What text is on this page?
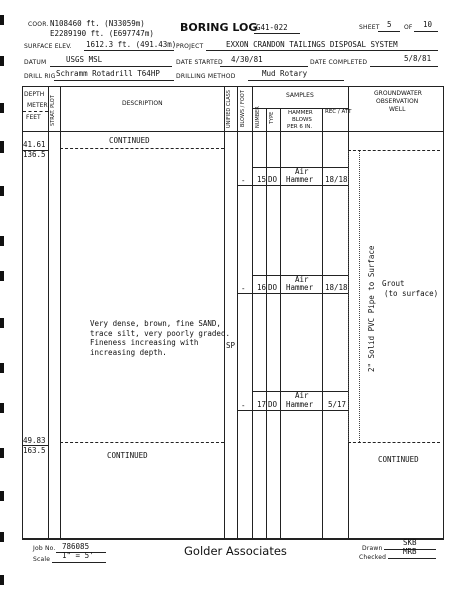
COOR. N108460 ft. (N33059m)
E2289190 ft. (E697747m) BORING LOG
G41-022	SHEET 5 OF 10
SURFACE ELEV. 1612.3 ft. (491.43m) PROJECT	EXXON CRANDON TAILINGS DISPOSAL SYSTEM
DATUM	USGS MSL	DATE STARTED 4/30/81	DATE COMPLETED	5/8/81
DRILL RIG Schramm Rotadrill T64HP	DRILLING METHOD	Mud Rotary
DEPTH
METER
FEET STRAT. PLOT	DESCRIPTION	UNIFIED CLASS BLOWS / FOOT	SAMPLES
NUMBER TYPE HAMMER
BLOWS
PER 6 IN.
REC / ATT
GROUNDWATER
OBSERVATION
WELL
41.61
136.5
CONTINUED
- 15 DO
Air
Hammer 18/18
- 16 DO
Air
Hammer 18/18
- 17 DO
Air
Hammer 5/17
Very dense, brown, fine SAND,
trace silt, very poorly graded.
Fineness increasing with
increasing depth.
SP	2" Solid PVC Pipe to Surface Grout
(to surface)
49.83
163.5
CONTINUED	CONTINUED
Job No. 786085
Scale 1" = 5'	Golder Associates	Drawn
SKB
Checked
MRB
